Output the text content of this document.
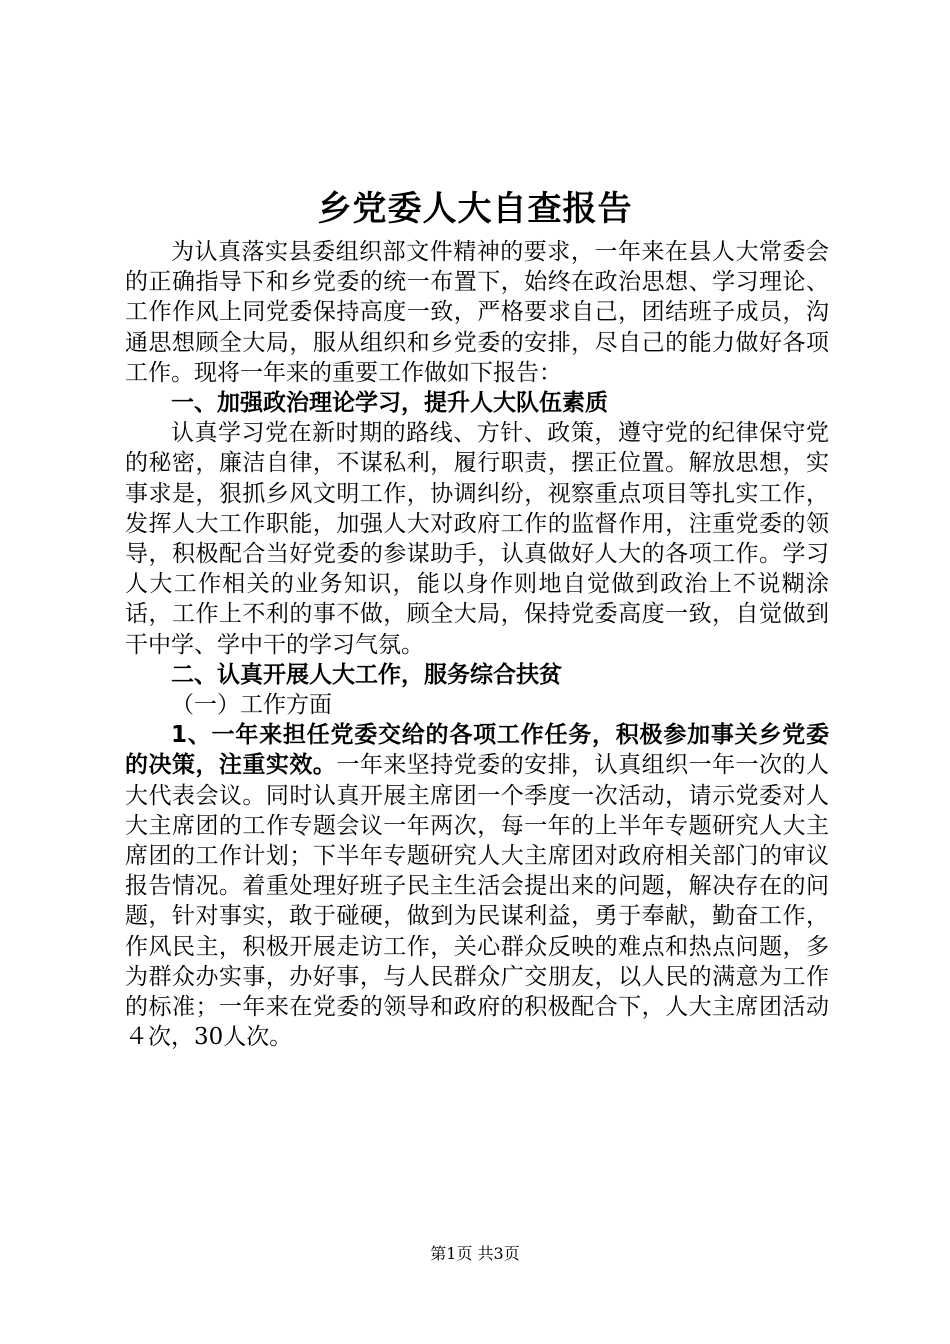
乡党委人大自查报告

为认真落实县委组织部文件精神的要求，一年来在县人大常委会的正确指导下和乡党委的统一布置下，始终在政治思想、学习理论、工作作风上同党委保持高度一致，严格要求自己，团结班子成员，沟通思想顾全大局，服从组织和乡党委的安排，尽自己的能力做好各项工作。现将一年来的重要工作做如下报告：

一、加强政治理论学习，提升人大队伍素质

认真学习党在新时期的路线、方针、政策，遵守党的纪律保守党的秘密，廉洁自律，不谋私利，履行职责，摆正位置。解放思想，实事求是，狠抓乡风文明工作，协调纠纷，视察重点项目等扎实工作，发挥人大工作职能，加强人大对政府工作的监督作用，注重党委的领导，积极配合当好党委的参谋助手，认真做好人大的各项工作。学习人大工作相关的业务知识，能以身作则地自觉做到政治上不说糊涂话，工作上不利的事不做，顾全大局，保持党委高度一致，自觉做到干中学、学中干的学习气氛。

二、认真开展人大工作，服务综合扶贫
（一）工作方面

1、一年来担任党委交给的各项工作任务，积极参加事关乡党委的决策，注重实效。一年来坚持党委的安排，认真组织一年一次的人大代表会议。同时认真开展主席团一个季度一次活动，请示党委对人大主席团的工作专题会议一年两次，每一年的上半年专题研究人大主席团的工作计划；下半年专题研究人大主席团对政府相关部门的审议报告情况。着重处理好班子民主生活会提出来的问题，解决存在的问题，针对事实，敢于碰硬，做到为民谋利益，勇于奉献，勤奋工作，作风民主，积极开展走访工作，关心群众反映的难点和热点问题，多为群众办实事，办好事，与人民群众广交朋友，以人民的满意为工作的标准；一年来在党委的领导和政府的积极配合下，人大主席团活动４次，30人次。

第1页 共3页
